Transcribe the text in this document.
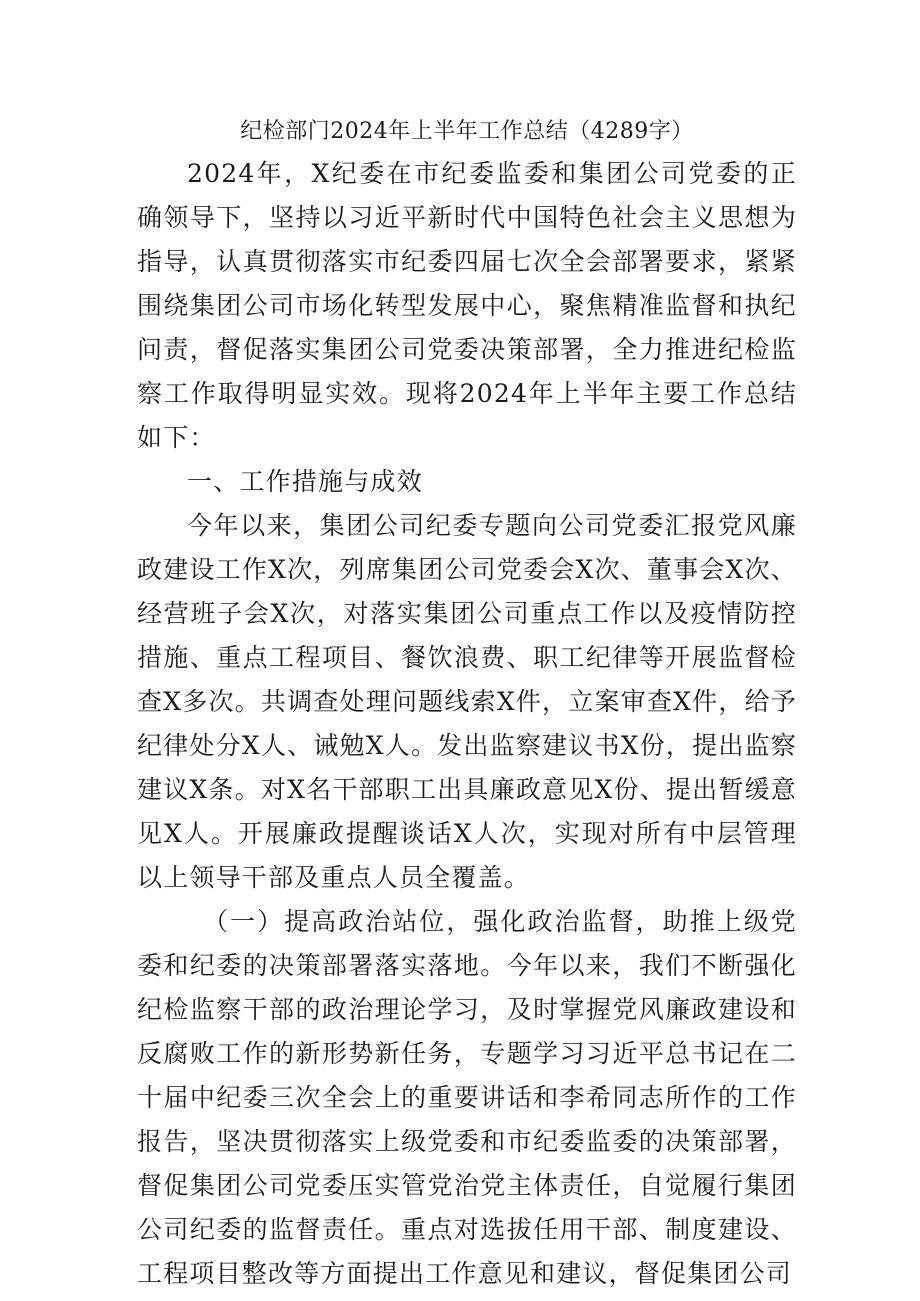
纪检部门2024年上半年工作总结（4289字）

2024年，X纪委在市纪委监委和集团公司党委的正确领导下，坚持以习近平新时代中国特色社会主义思想为指导，认真贯彻落实市纪委四届七次全会部署要求，紧紧围绕集团公司市场化转型发展中心，聚焦精准监督和执纪问责，督促落实集团公司党委决策部署，全力推进纪检监察工作取得明显实效。现将2024年上半年主要工作总结如下：

一、工作措施与成效

今年以来，集团公司纪委专题向公司党委汇报党风廉政建设工作X次，列席集团公司党委会X次、董事会X次、经营班子会X次，对落实集团公司重点工作以及疫情防控措施、重点工程项目、餐饮浪费、职工纪律等开展监督检查X多次。共调查处理问题线索X件，立案审查X件，给予纪律处分X人、诫勉X人。发出监察建议书X份，提出监察建议X条。对X名干部职工出具廉政意见X份、提出暂缓意见X人。开展廉政提醒谈话X人次，实现对所有中层管理以上领导干部及重点人员全覆盖。

（一）提高政治站位，强化政治监督，助推上级党委和纪委的决策部署落实落地。今年以来，我们不断强化纪检监察干部的政治理论学习，及时掌握党风廉政建设和反腐败工作的新形势新任务，专题学习习近平总书记在二十届中纪委三次全会上的重要讲话和李希同志所作的工作报告，坚决贯彻落实上级党委和市纪委监委的决策部署，督促集团公司党委压实管党治党主体责任，自觉履行集团公司纪委的监督责任。重点对选拔任用干部、制度建设、工程项目整改等方面提出工作意见和建议，督促集团公司
